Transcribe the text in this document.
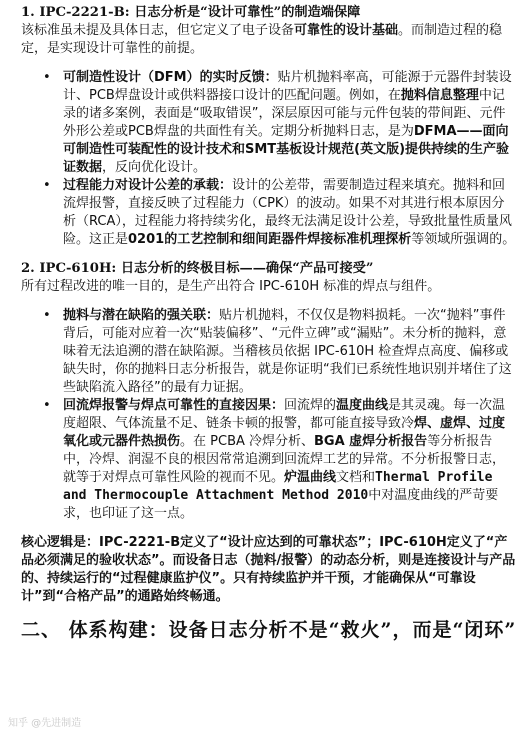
1. IPC-2221-B: 日志分析是“设计可靠性”的制造端保障

该标准虽未提及具体日志，但它定义了电子设备可靠性的设计基础。而制造过程的稳定，是实现设计可靠性的前提。

• 可制造性设计（DFM）的实时反馈：贴片机抛料率高，可能源于元器件封装设计、PCB焊盘设计或供料器接口设计的匹配问题。例如，在抛料信息整理中记录的诸多案例，表面是“吸取错误”，深层原因可能与元件包装的带间距、元件外形公差或PCB焊盘的共面性有关。定期分析抛料日志，是为DFMA——面向可制造性可装配性的设计技术和SMT基板设计规范(英文版)提供持续的生产验证数据，反向优化设计。
• 过程能力对设计公差的承载：设计的公差带，需要制造过程来填充。抛料和回流焊报警，直接反映了过程能力（CPK）的波动。如果不对其进行根本原因分析（RCA），过程能力将持续劣化，最终无法满足设计公差，导致批量性质量风险。这正是0201的工艺控制和细间距器件焊接标准机理探析等领域所强调的。

2. IPC-610H: 日志分析的终极目标——确保“产品可接受”

所有过程改进的唯一目的，是生产出符合 IPC-610H 标准的焊点与组件。

• 抛料与潜在缺陷的强关联：贴片机抛料，不仅仅是物料损耗。一次“抛料”事件背后，可能对应着一次“贴装偏移”、“元件立碑”或“漏贴”。未分析的抛料，意味着无法追溯的潜在缺陷源。当稽核员依据 IPC-610H 检查焊点高度、偏移或缺失时，你的抛料日志分析报告，就是你证明“我们已系统性地识别并堵住了这些缺陷流入路径”的最有力证据。
• 回流焊报警与焊点可靠性的直接因果：回流焊的温度曲线是其灵魂。每一次温度超限、气体流量不足、链条卡顿的报警，都可能直接导致冷焊、虚焊、过度氧化或元器件热损伤。在 PCBA 冷焊分析、BGA 虚焊分析报告等分析报告中，冷焊、润湿不良的根因常常追溯到回流焊工艺的异常。不分析报警日志，就等于对焊点可靠性风险的视而不见。炉温曲线文档和Thermal Profile and Thermocouple Attachment Method 2010中对温度曲线的严苛要求，也印证了这一点。

核心逻辑是：IPC-2221-B定义了“设计应达到的可靠状态”；IPC-610H定义了“产品必须满足的验收状态”。而设备日志（抛料/报警）的动态分析，则是连接设计与产品的、持续运行的“过程健康监护仪”。只有持续监护并干预，才能确保从“可靠设计”到“合格产品”的通路始终畅通。

二、 体系构建：设备日志分析不是“救火”，而是“闭环”

知乎 @先进制造
